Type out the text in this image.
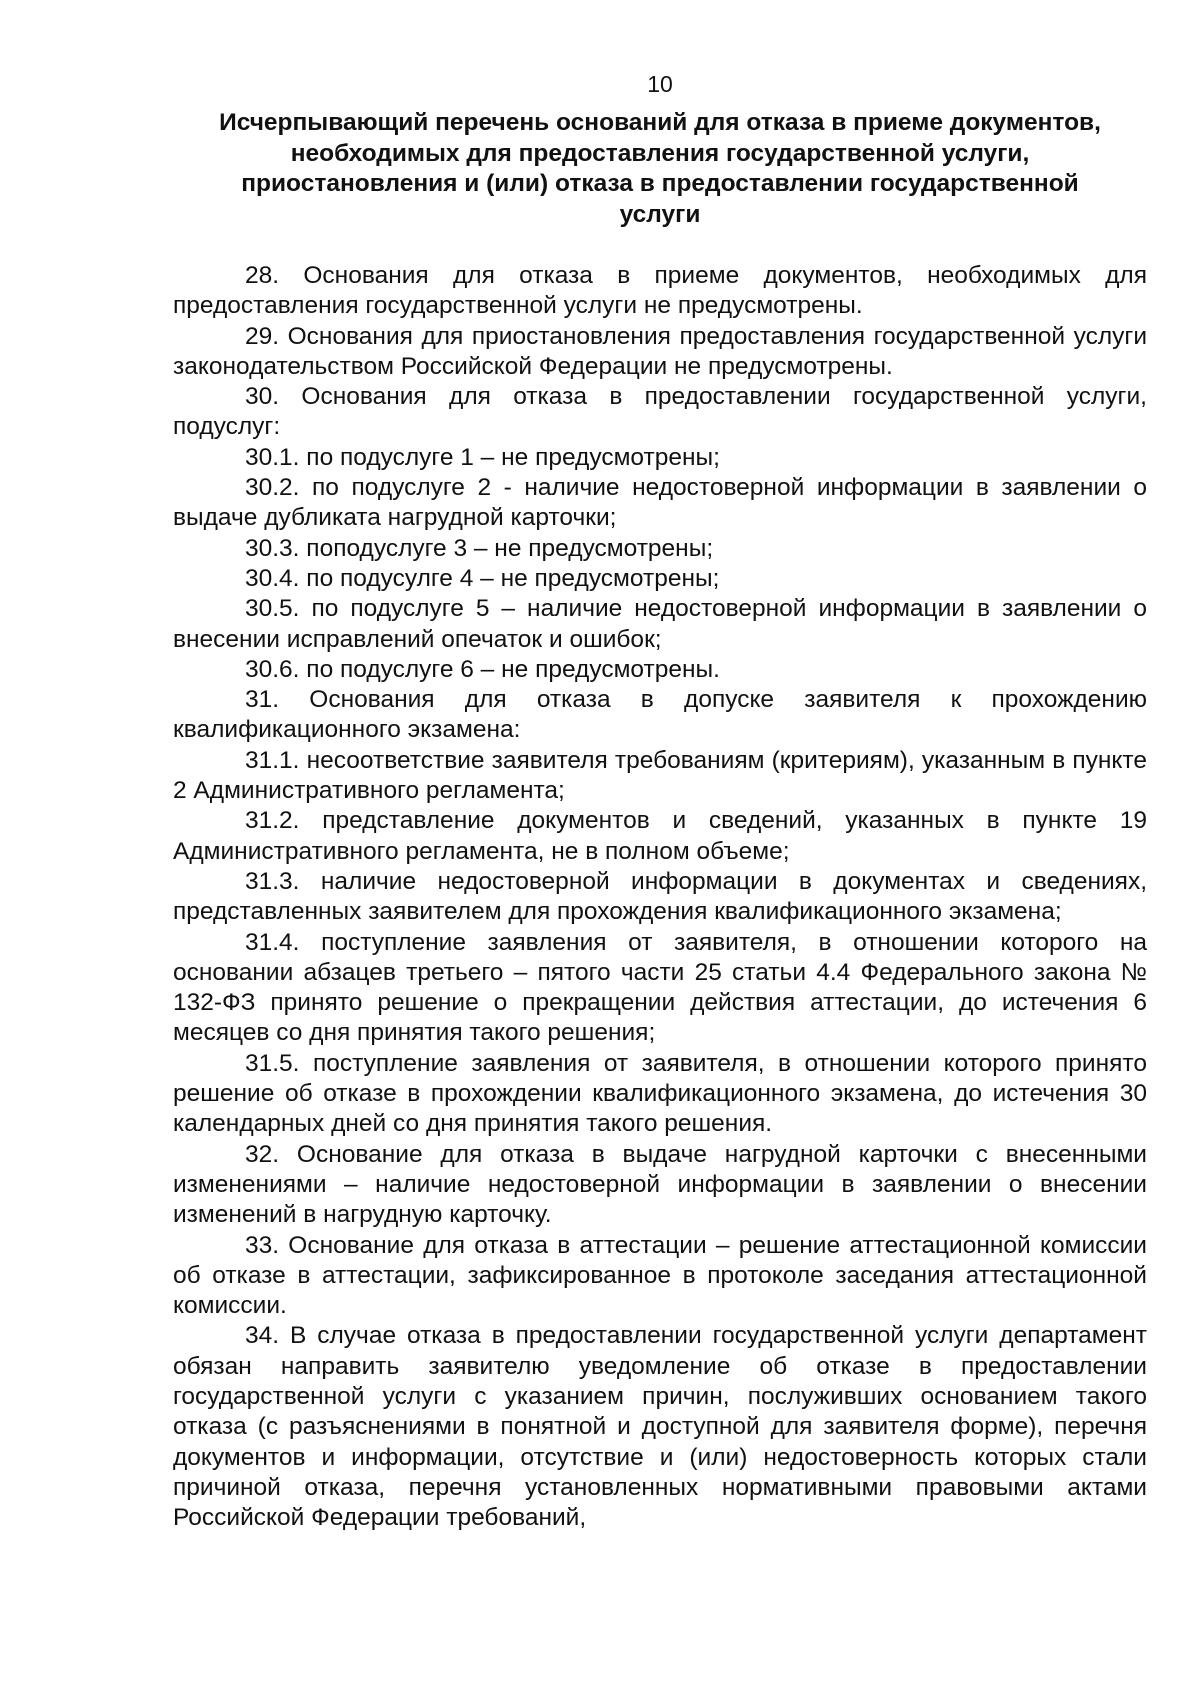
10
Исчерпывающий перечень оснований для отказа в приеме документов,
необходимых для предоставления государственной услуги,
приостановления и (или) отказа в предоставлении государственной
услуги

28. Основания для отказа в приеме документов, необходимых для предоставления государственной услуги не предусмотрены.

29. Основания для приостановления предоставления государственной услуги законодательством Российской Федерации не предусмотрены.

30. Основания для отказа в предоставлении государственной услуги, подуслуг:

30.1. по подуслуге 1 – не предусмотрены;

30.2. по подуслуге 2 - наличие недостоверной информации в заявлении о выдаче дубликата нагрудной карточки;

30.3. поподуслуге 3 – не предусмотрены;

30.4. по подусулге 4 – не предусмотрены;

30.5. по подуслуге 5 – наличие недостоверной информации в заявлении о внесении исправлений опечаток и ошибок;

30.6. по подуслуге 6 – не предусмотрены.

31. Основания для отказа в допуске заявителя к прохождению квалификационного экзамена:

31.1. несоответствие заявителя требованиям (критериям), указанным в пункте 2 Административного регламента;

31.2. представление документов и сведений, указанных в пункте 19 Административного регламента, не в полном объеме;

31.3. наличие недостоверной информации в документах и сведениях, представленных заявителем для прохождения квалификационного экзамена;

31.4. поступление заявления от заявителя, в отношении которого на основании абзацев третьего – пятого части 25 статьи 4.4 Федерального закона № 132-ФЗ принято решение о прекращении действия аттестации, до истечения 6 месяцев со дня принятия такого решения;

31.5. поступление заявления от заявителя, в отношении которого принято решение об отказе в прохождении квалификационного экзамена, до истечения 30 календарных дней со дня принятия такого решения.

32. Основание для отказа в выдаче нагрудной карточки с внесенными изменениями – наличие недостоверной информации в заявлении о внесении изменений в нагрудную карточку.

33. Основание для отказа в аттестации – решение аттестационной комиссии об отказе в аттестации, зафиксированное в протоколе заседания аттестационной комиссии.

34. В случае отказа в предоставлении государственной услуги департамент обязан направить заявителю уведомление об отказе в предоставлении государственной услуги с указанием причин, послуживших основанием такого отказа (с разъяснениями в понятной и доступной для заявителя форме), перечня документов и информации, отсутствие и (или) недостоверность которых стали причиной отказа, перечня установленных нормативными правовыми актами Российской Федерации требований,
